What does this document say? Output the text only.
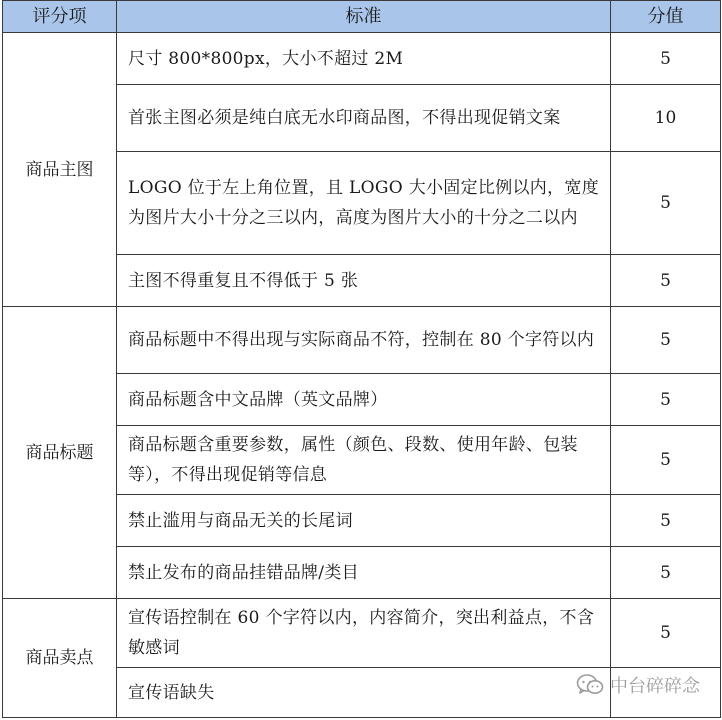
评分项	标准	分值
商品主图	尺寸 800*800px，大小不超过 2M	5
	首张主图必须是纯白底无水印商品图，不得出现促销文案	10
	LOGO 位于左上角位置，且 LOGO 大小固定比例以内，宽度为图片大小十分之三以内，高度为图片大小的十分之二以内	5
	主图不得重复且不得低于 5 张	5
商品标题	商品标题中不得出现与实际商品不符，控制在 80 个字符以内	5
	商品标题含中文品牌（英文品牌）	5
	商品标题含重要参数，属性（颜色、段数、使用年龄、包装等），不得出现促销等信息	5
	禁止滥用与商品无关的长尾词	5
	禁止发布的商品挂错品牌/类目	5
商品卖点	宣传语控制在 60 个字符以内，内容简介，突出利益点，不含敏感词	5
	宣传语缺失		中台碎碎念
